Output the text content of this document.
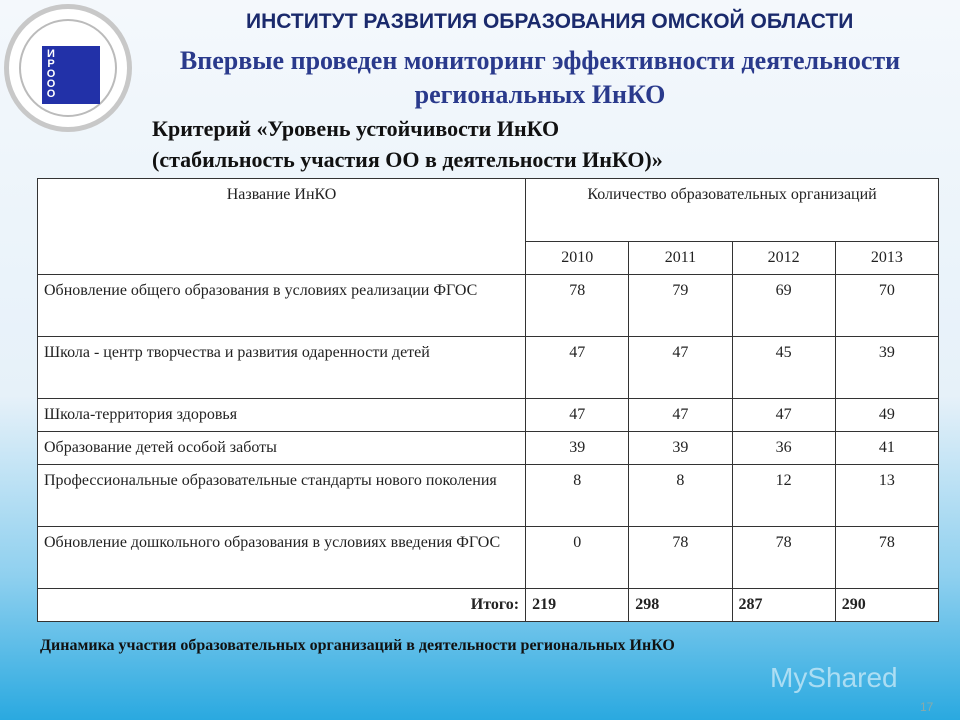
ИРООО
ИНСТИТУТ РАЗВИТИЯ ОБРАЗОВАНИЯ ОМСКОЙ ОБЛАСТИ
Впервые проведен мониторинг эффективности деятельности региональных ИнКО
Критерий «Уровень устойчивости ИнКО
(стабильность участия ОО в деятельности ИнКО)»
Название ИнКО	Количество образовательных организаций			
	2010	2011	2012	2013
Обновление общего образования в условиях реализации ФГОС	78	79	69	70
Школа - центр творчества и развития одаренности детей	47	47	45	39
Школа-территория здоровья	47	47	47	49
Образование детей особой заботы	39	39	36	41
Профессиональные образовательные стандарты нового поколения	8	8	12	13
Обновление дошкольного образования в условиях введения ФГОС	0	78	78	78
Итого:	219	298	287	290
Динамика участия образовательных организаций в деятельности региональных ИнКО
MyShared
17
